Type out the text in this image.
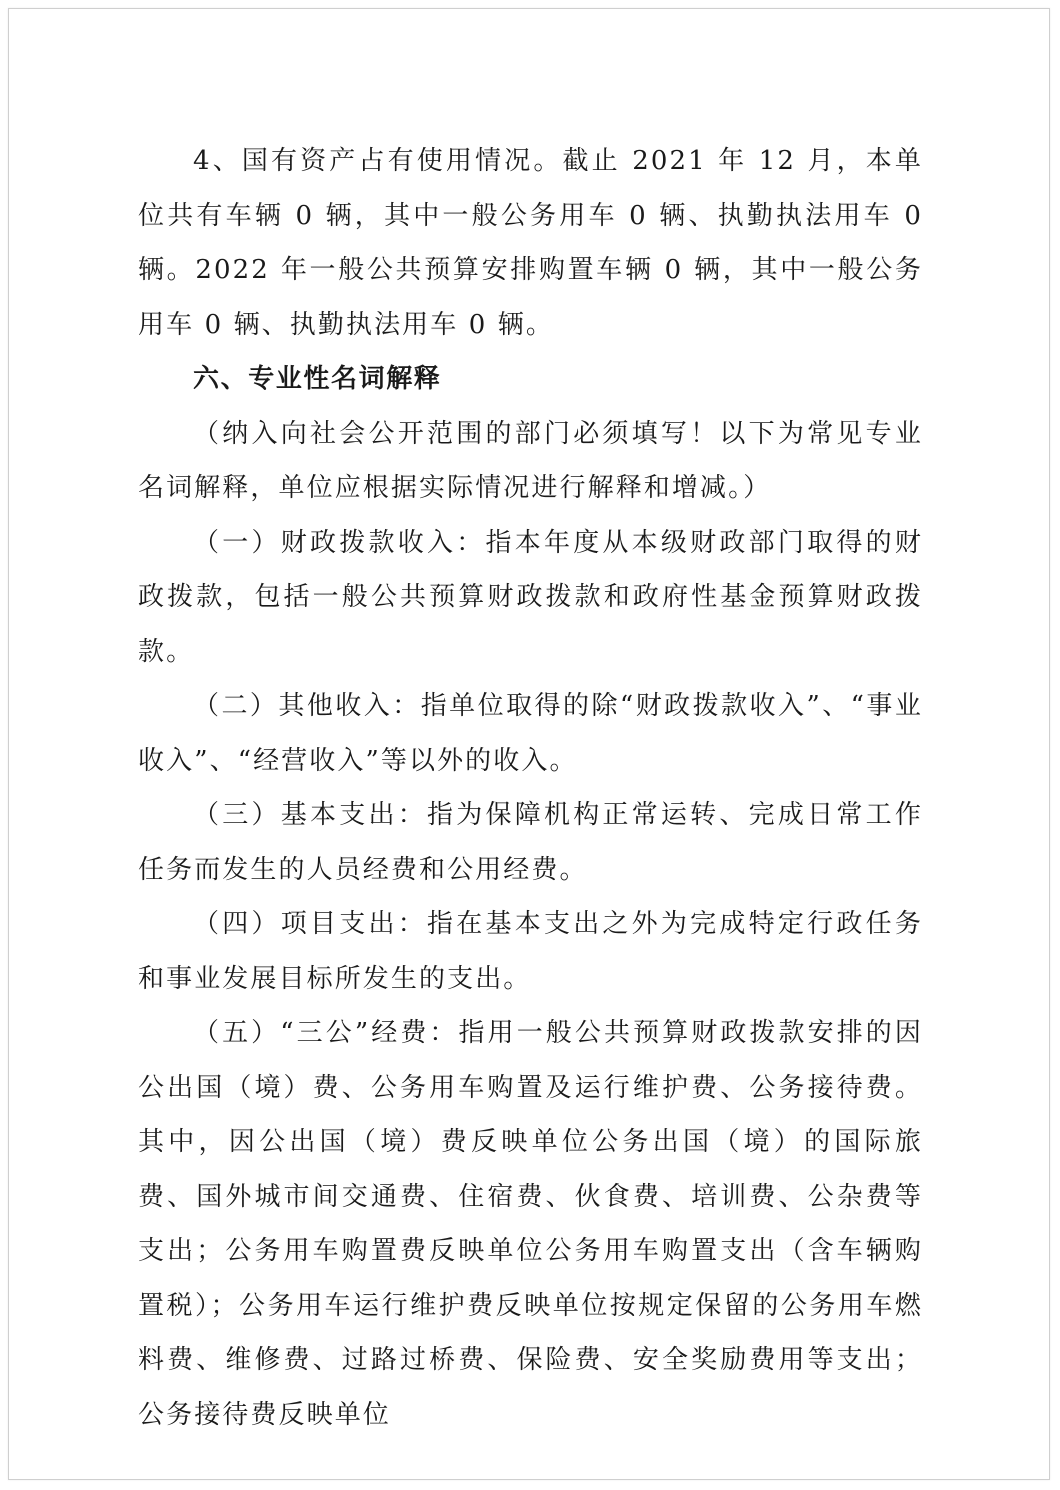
4、国有资产占有使用情况。截止 2021 年 12 月，本单位共有车辆 0 辆，其中一般公务用车 0 辆、执勤执法用车 0 辆。2022 年一般公共预算安排购置车辆 0 辆，其中一般公务用车 0 辆、执勤执法用车 0 辆。

六、专业性名词解释

（纳入向社会公开范围的部门必须填写！以下为常见专业名词解释，单位应根据实际情况进行解释和增减。）

（一）财政拨款收入：指本年度从本级财政部门取得的财政拨款，包括一般公共预算财政拨款和政府性基金预算财政拨款。

（二）其他收入：指单位取得的除“财政拨款收入”、“事业收入”、“经营收入”等以外的收入。

（三）基本支出：指为保障机构正常运转、完成日常工作任务而发生的人员经费和公用经费。

（四）项目支出：指在基本支出之外为完成特定行政任务和事业发展目标所发生的支出。

（五）“三公”经费：指用一般公共预算财政拨款安排的因公出国（境）费、公务用车购置及运行维护费、公务接待费。其中，因公出国（境）费反映单位公务出国（境）的国际旅费、国外城市间交通费、住宿费、伙食费、培训费、公杂费等支出；公务用车购置费反映单位公务用车购置支出（含车辆购置税）；公务用车运行维护费反映单位按规定保留的公务用车燃料费、维修费、过路过桥费、保险费、安全奖励费用等支出；公务接待费反映单位
